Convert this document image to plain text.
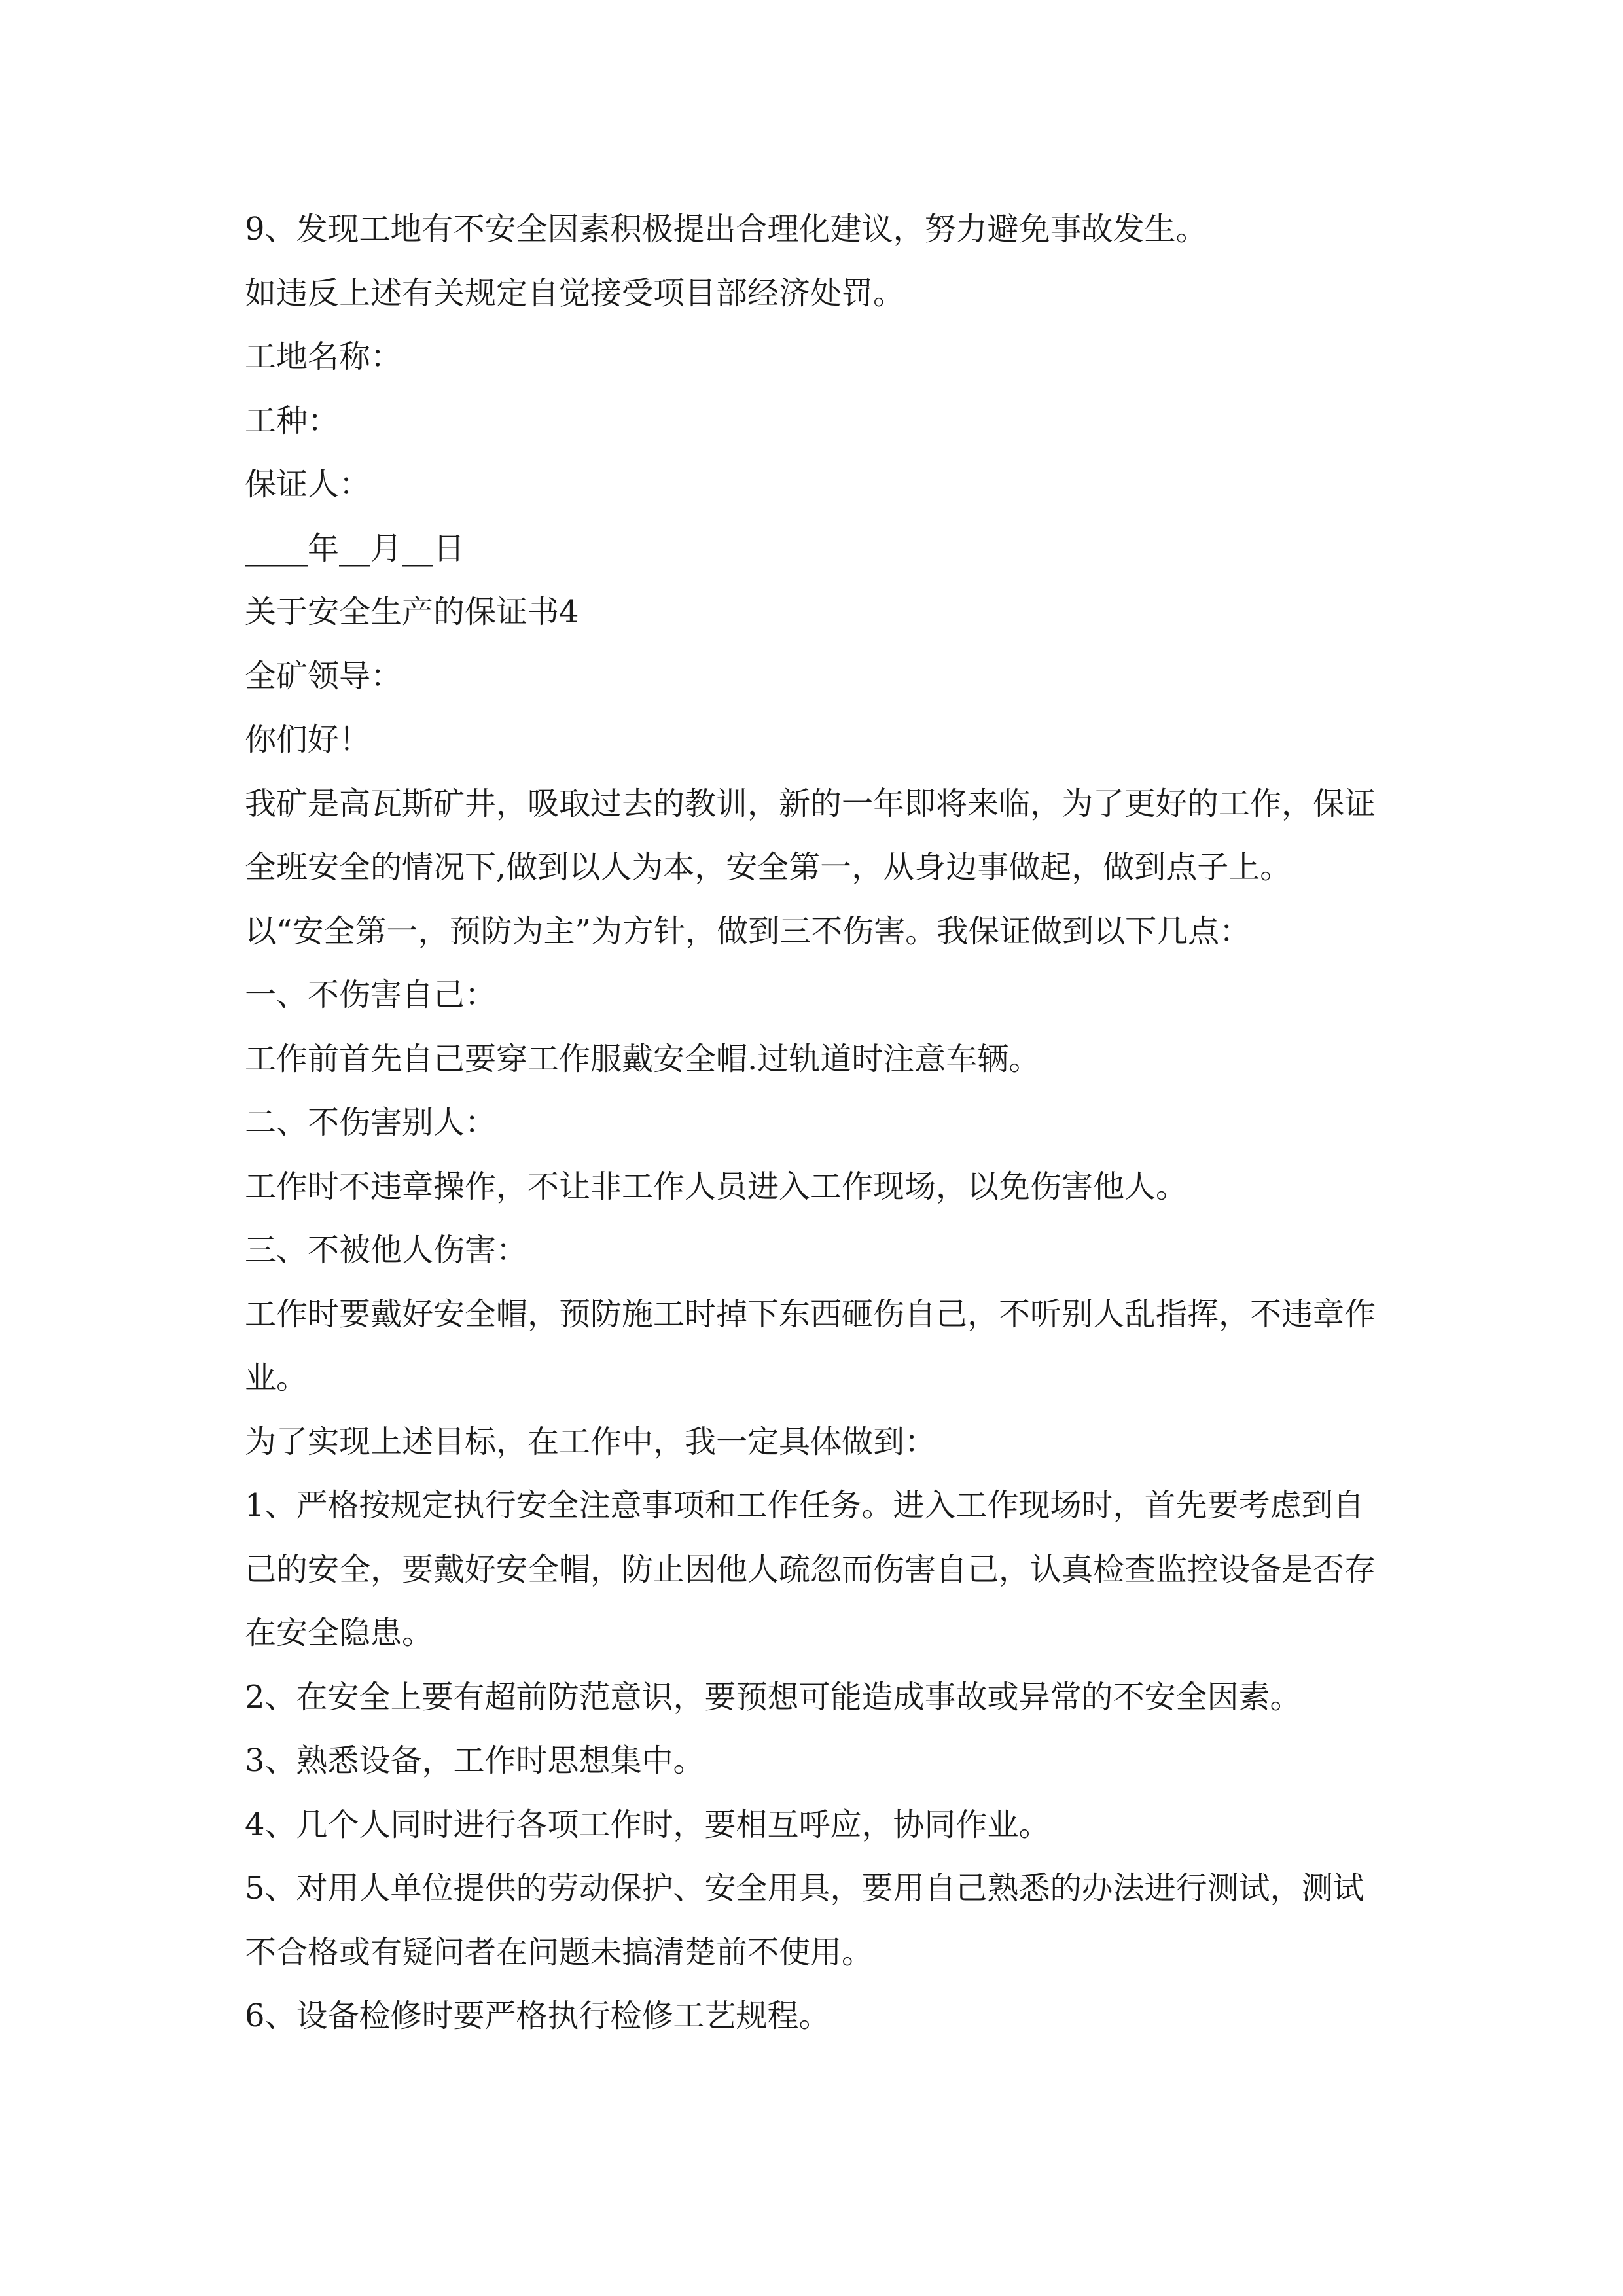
9、发现工地有不安全因素积极提出合理化建议，努力避免事故发生。

如违反上述有关规定自觉接受项目部经济处罚。

工地名称：

工种：

保证人：

____年__月__日

关于安全生产的保证书4

全矿领导：

你们好！

我矿是高瓦斯矿井，吸取过去的教训，新的一年即将来临，为了更好的工作，保证全班安全的情况下,做到以人为本，安全第一，从身边事做起，做到点子上。

以“安全第一，预防为主”为方针，做到三不伤害。我保证做到以下几点：

一、不伤害自己：

工作前首先自己要穿工作服戴安全帽.过轨道时注意车辆。

二、不伤害别人：

工作时不违章操作，不让非工作人员进入工作现场，以免伤害他人。

三、不被他人伤害：

工作时要戴好安全帽，预防施工时掉下东西砸伤自己，不听别人乱指挥，不违章作业。

为了实现上述目标，在工作中，我一定具体做到：

1、严格按规定执行安全注意事项和工作任务。进入工作现场时，首先要考虑到自己的安全，要戴好安全帽，防止因他人疏忽而伤害自己，认真检查监控设备是否存在安全隐患。

2、在安全上要有超前防范意识，要预想可能造成事故或异常的不安全因素。

3、熟悉设备，工作时思想集中。

4、几个人同时进行各项工作时，要相互呼应，协同作业。

5、对用人单位提供的劳动保护、安全用具，要用自己熟悉的办法进行测试，测试不合格或有疑问者在问题未搞清楚前不使用。

6、设备检修时要严格执行检修工艺规程。
